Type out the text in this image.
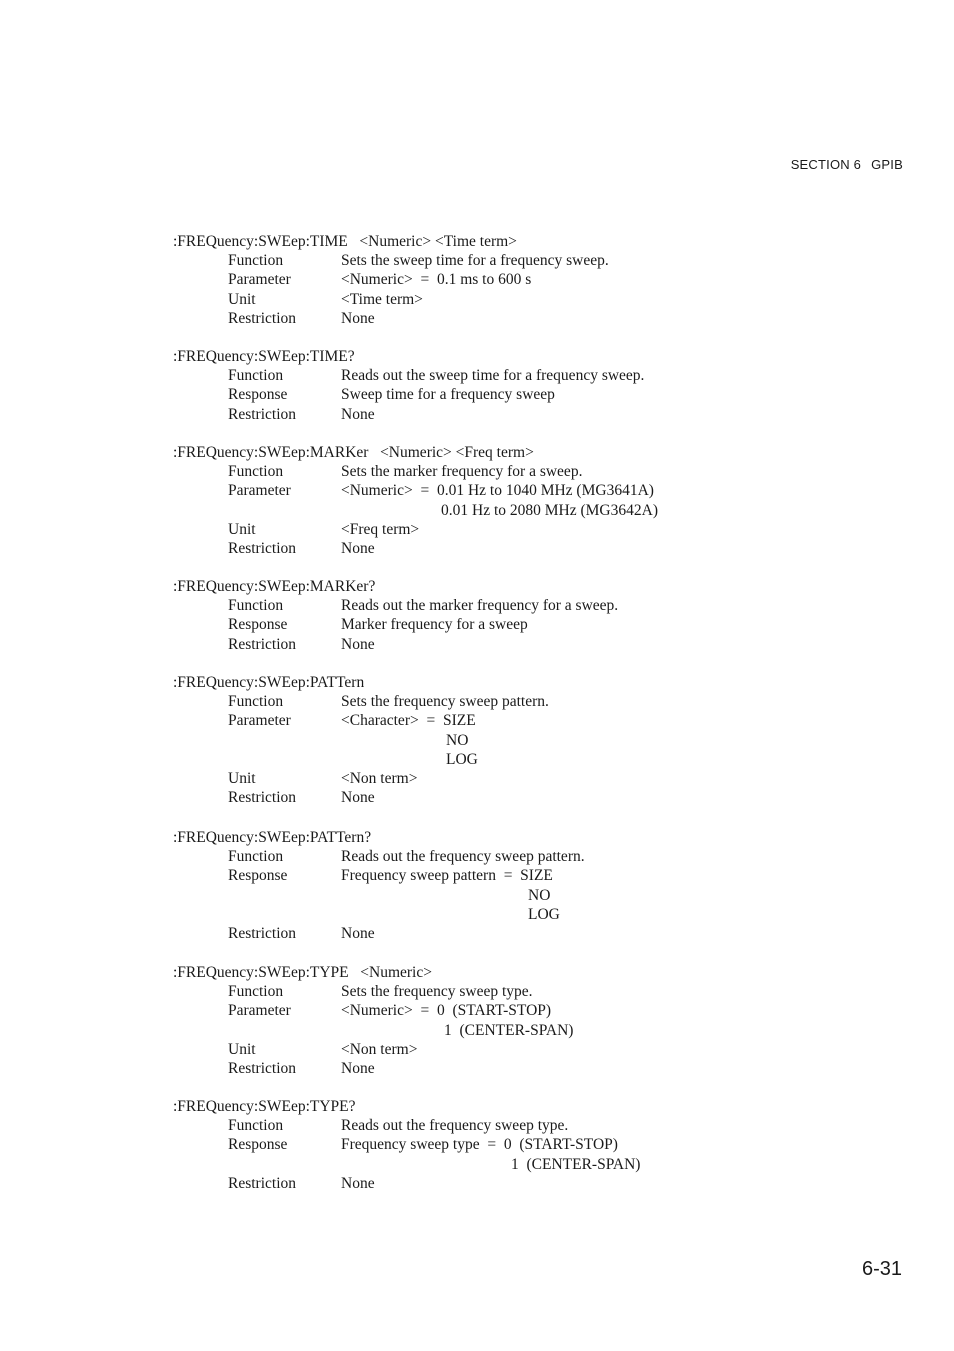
SECTION 6 GPIB
:FREQuency:SWEep:TIME   <Numeric> <Time term>
Function	Sets the sweep time for a frequency sweep.
Parameter	<Numeric>  =  0.1 ms to 600 s
Unit	<Time term>
Restriction	None
:FREQuency:SWEep:TIME?
Function	Reads out the sweep time for a frequency sweep.
Response	Sweep time for a frequency sweep
Restriction	None
:FREQuency:SWEep:MARKer   <Numeric> <Freq term>
Function	Sets the marker frequency for a sweep.
Parameter	<Numeric>  =  0.01 Hz to 1040 MHz (MG3641A)
0.01 Hz to 2080 MHz (MG3642A)
Unit	<Freq term>
Restriction	None
:FREQuency:SWEep:MARKer?
Function	Reads out the marker frequency for a sweep.
Response	Marker frequency for a sweep
Restriction	None
:FREQuency:SWEep:PATTern
Function	Sets the frequency sweep pattern.
Parameter	<Character>  =  SIZE
NO
LOG
Unit	<Non term>
Restriction	None
:FREQuency:SWEep:PATTern?
Function	Reads out the frequency sweep pattern.
Response	Frequency sweep pattern  =  SIZE
NO
LOG
Restriction	None
:FREQuency:SWEep:TYPE   <Numeric>
Function	Sets the frequency sweep type.
Parameter	<Numeric>  =  0  (START-STOP)
1  (CENTER-SPAN)
Unit	<Non term>
Restriction	None
:FREQuency:SWEep:TYPE?
Function	Reads out the frequency sweep type.
Response	Frequency sweep type  =  0  (START-STOP)
1  (CENTER-SPAN)
Restriction	None
6-31
